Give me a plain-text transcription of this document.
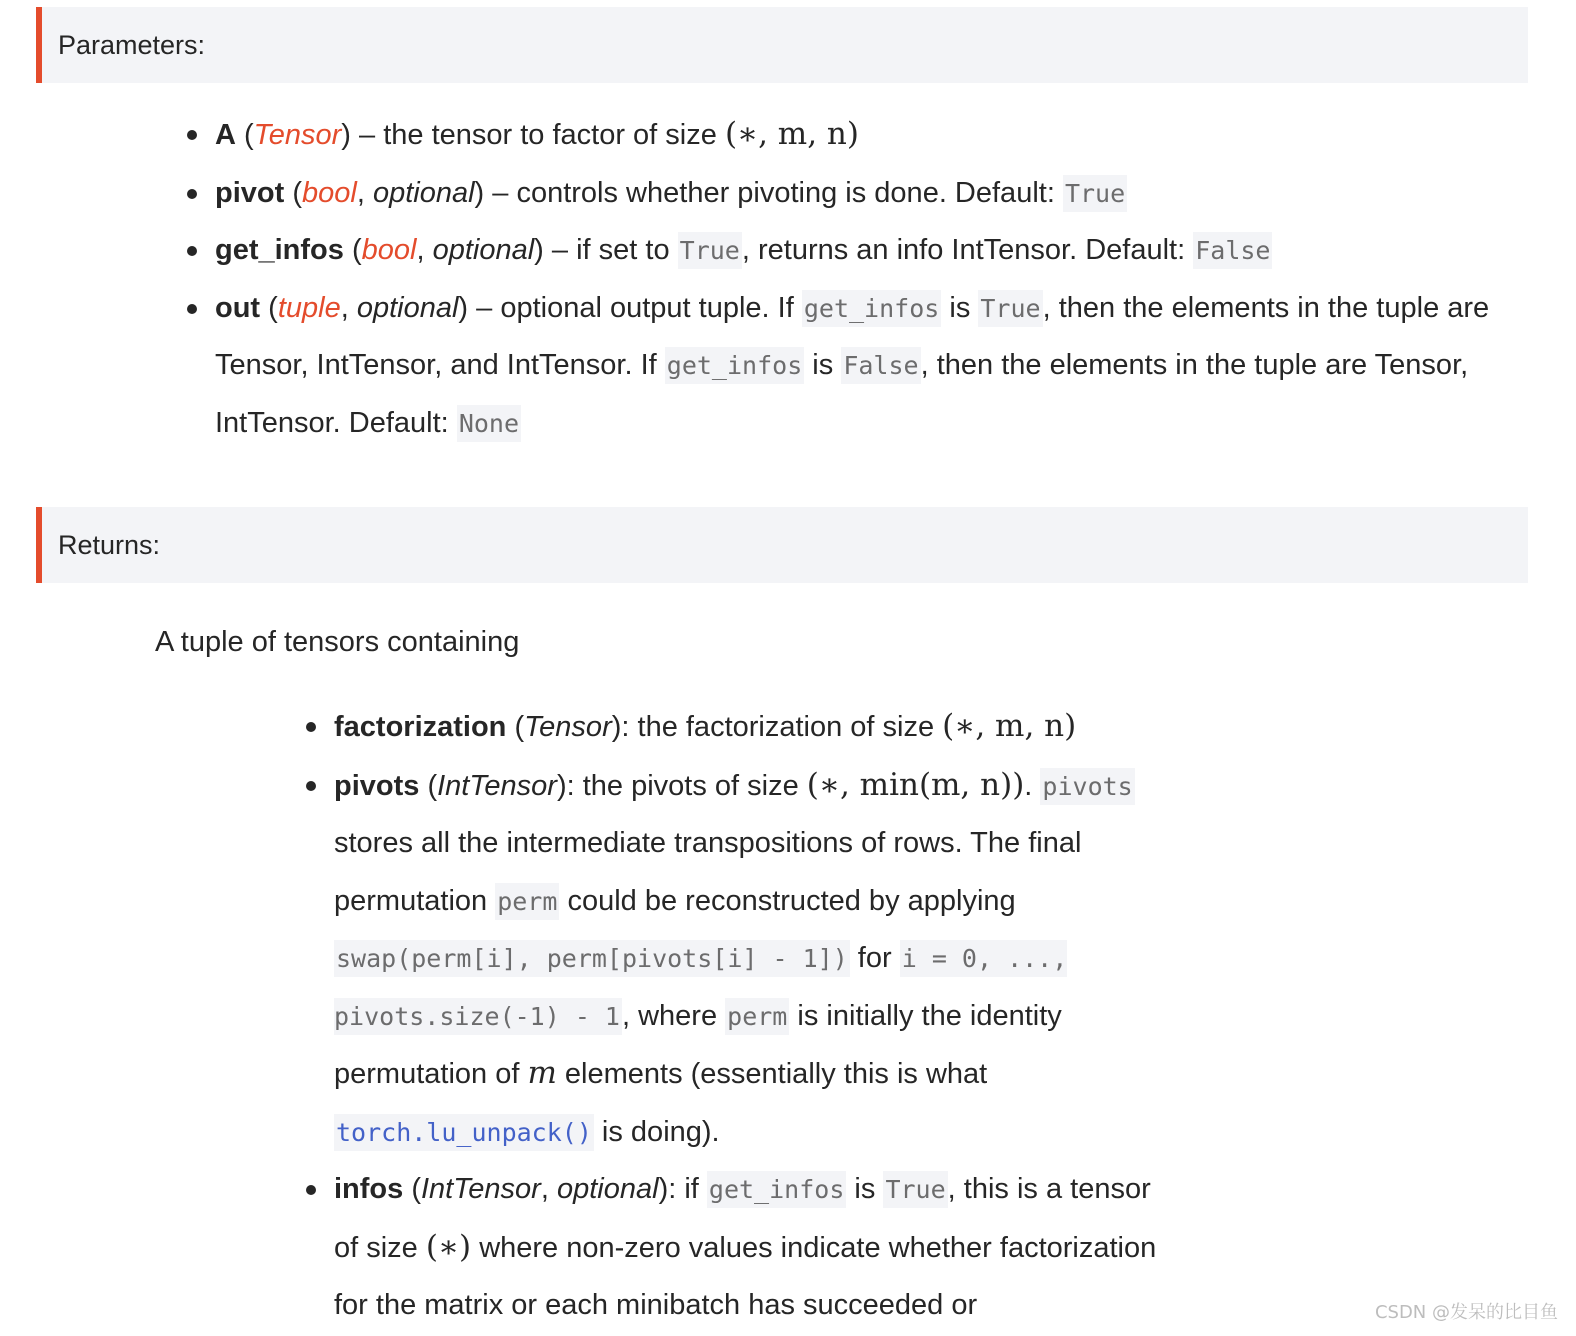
Parameters:
A (Tensor) – the tensor to factor of size (∗, m, n)
pivot (bool, optional) – controls whether pivoting is done. Default: True
get_infos (bool, optional) – if set to True, returns an info IntTensor. Default: False
out (tuple, optional) – optional output tuple. If get_infos is True, then the elements in the tuple are Tensor, IntTensor, and IntTensor. If get_infos is False, then the elements in the tuple are Tensor, IntTensor. Default: None
Returns:
A tuple of tensors containing
factorization (Tensor): the factorization of size (∗, m, n)
pivots (IntTensor): the pivots of size (∗, min(m, n)). pivots stores all the intermediate transpositions of rows. The final permutation perm could be reconstructed by applying swap(perm[i], perm[pivots[i] - 1]) for i = 0, ..., pivots.size(-1) - 1, where perm is initially the identity permutation of m elements (essentially this is what torch.lu_unpack() is doing).
infos (IntTensor, optional): if get_infos is True, this is a tensor of size (∗) where non-zero values indicate whether factorization for the matrix or each minibatch has succeeded or	CSDN @发呆的比目鱼
